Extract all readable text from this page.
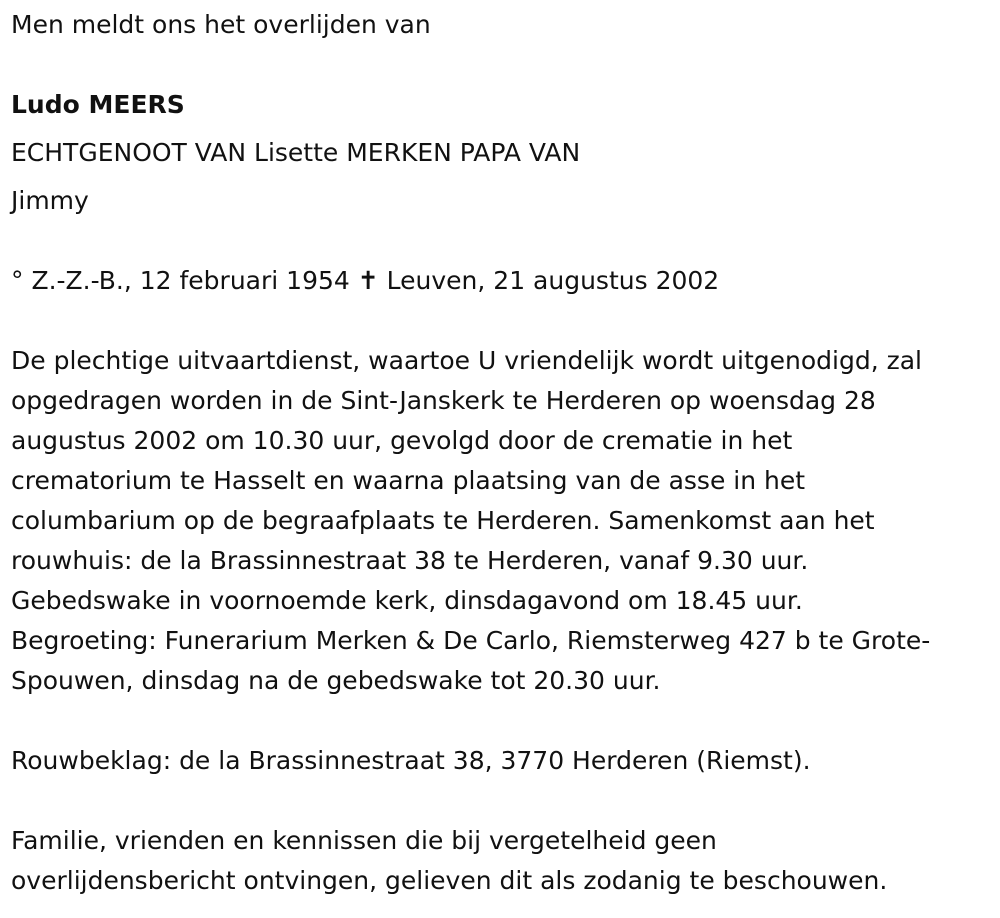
Men meldt ons het overlijden van
Ludo MEERS
ECHTGENOOT VAN Lisette MERKEN PAPA VAN
Jimmy
° Z.-Z.-B., 12 februari 1954 ✝ Leuven, 21 augustus 2002
De plechtige uitvaartdienst, waartoe U vriendelijk wordt uitgenodigd, zal
opgedragen worden in de Sint-Janskerk te Herderen op woensdag 28
augustus 2002 om 10.30 uur, gevolgd door de crematie in het
crematorium te Hasselt en waarna plaatsing van de asse in het
columbarium op de begraafplaats te Herderen. Samenkomst aan het
rouwhuis: de la Brassinnestraat 38 te Herderen, vanaf 9.30 uur.
Gebedswake in voornoemde kerk, dinsdagavond om 18.45 uur.
Begroeting: Funerarium Merken & De Carlo, Riemsterweg 427 b te Grote-
Spouwen, dinsdag na de gebedswake tot 20.30 uur.
Rouwbeklag: de la Brassinnestraat 38, 3770 Herderen (Riemst).
Familie, vrienden en kennissen die bij vergetelheid geen
overlijdensbericht ontvingen, gelieven dit als zodanig te beschouwen.
